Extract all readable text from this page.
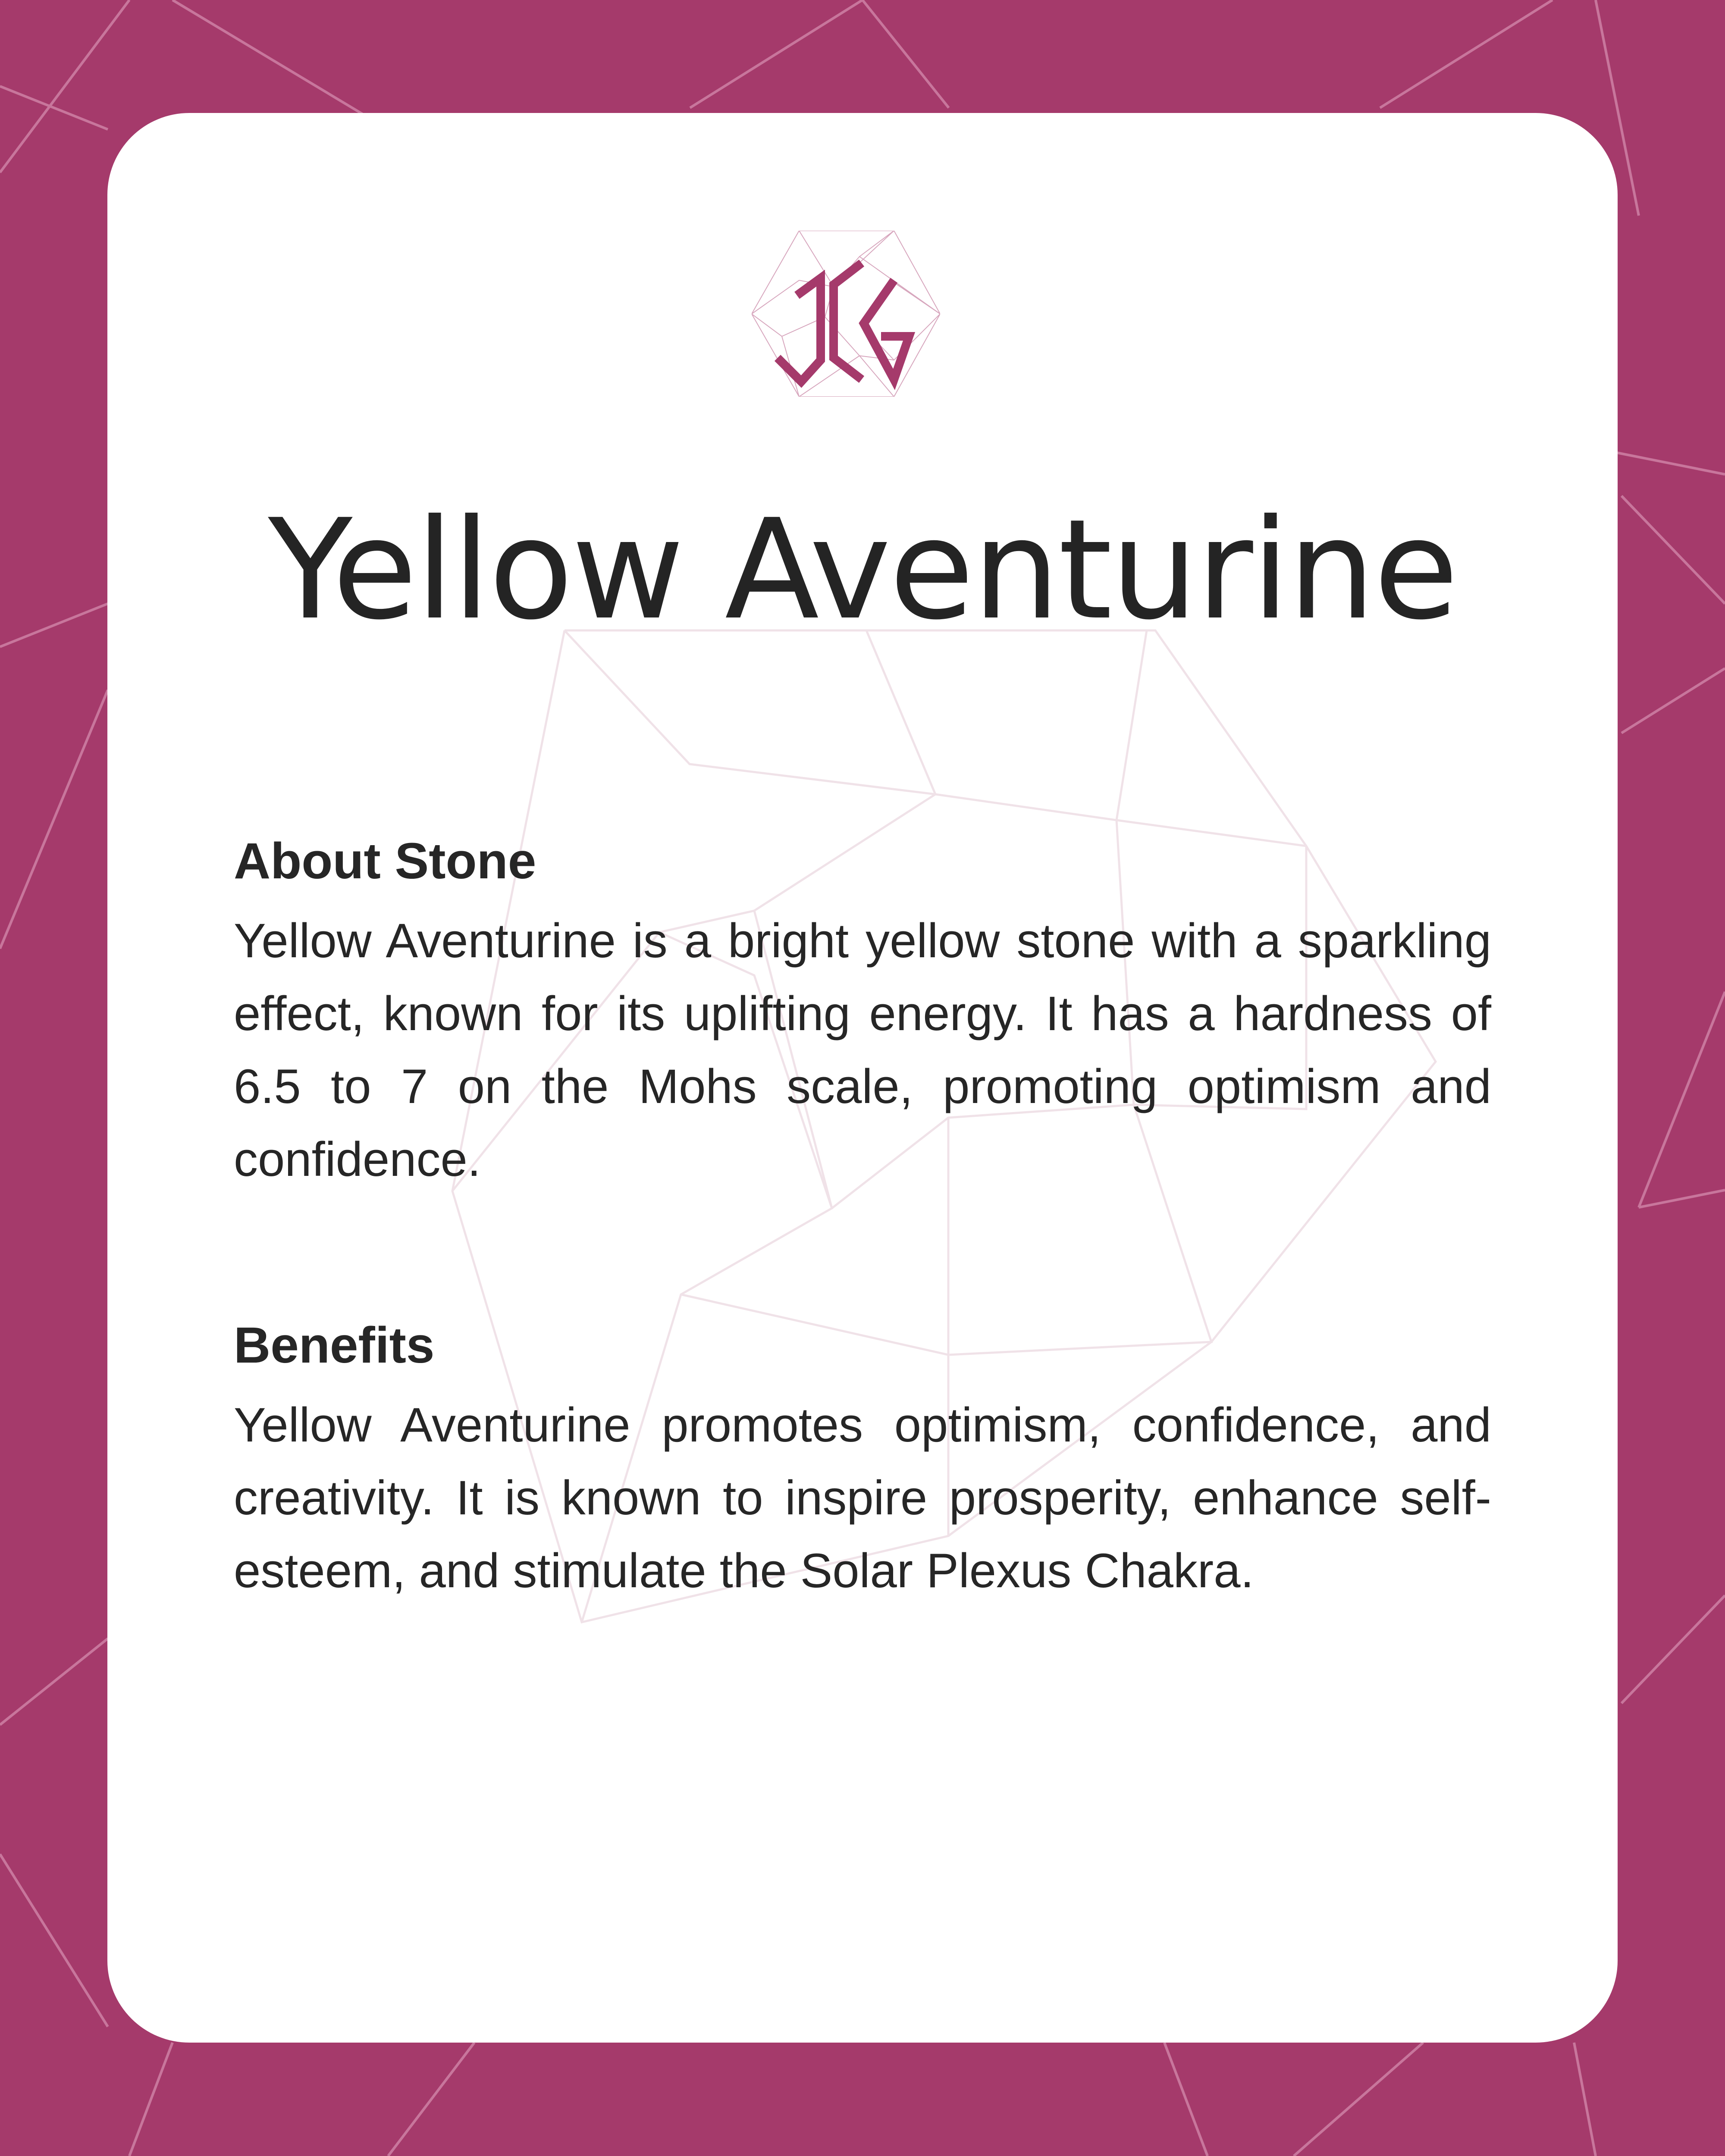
Yellow Aventurine
About Stone
Yellow Aventurine is a bright yellow stone with a sparkling effect, known for its uplifting energy. It has a hardness of 6.5 to 7 on the Mohs scale, promoting optimism and confidence.
Benefits
Yellow Aventurine promotes optimism, confidence, and creativity. It is known to inspire prosperity, enhance self-esteem, and stimulate the Solar Plexus Chakra.
